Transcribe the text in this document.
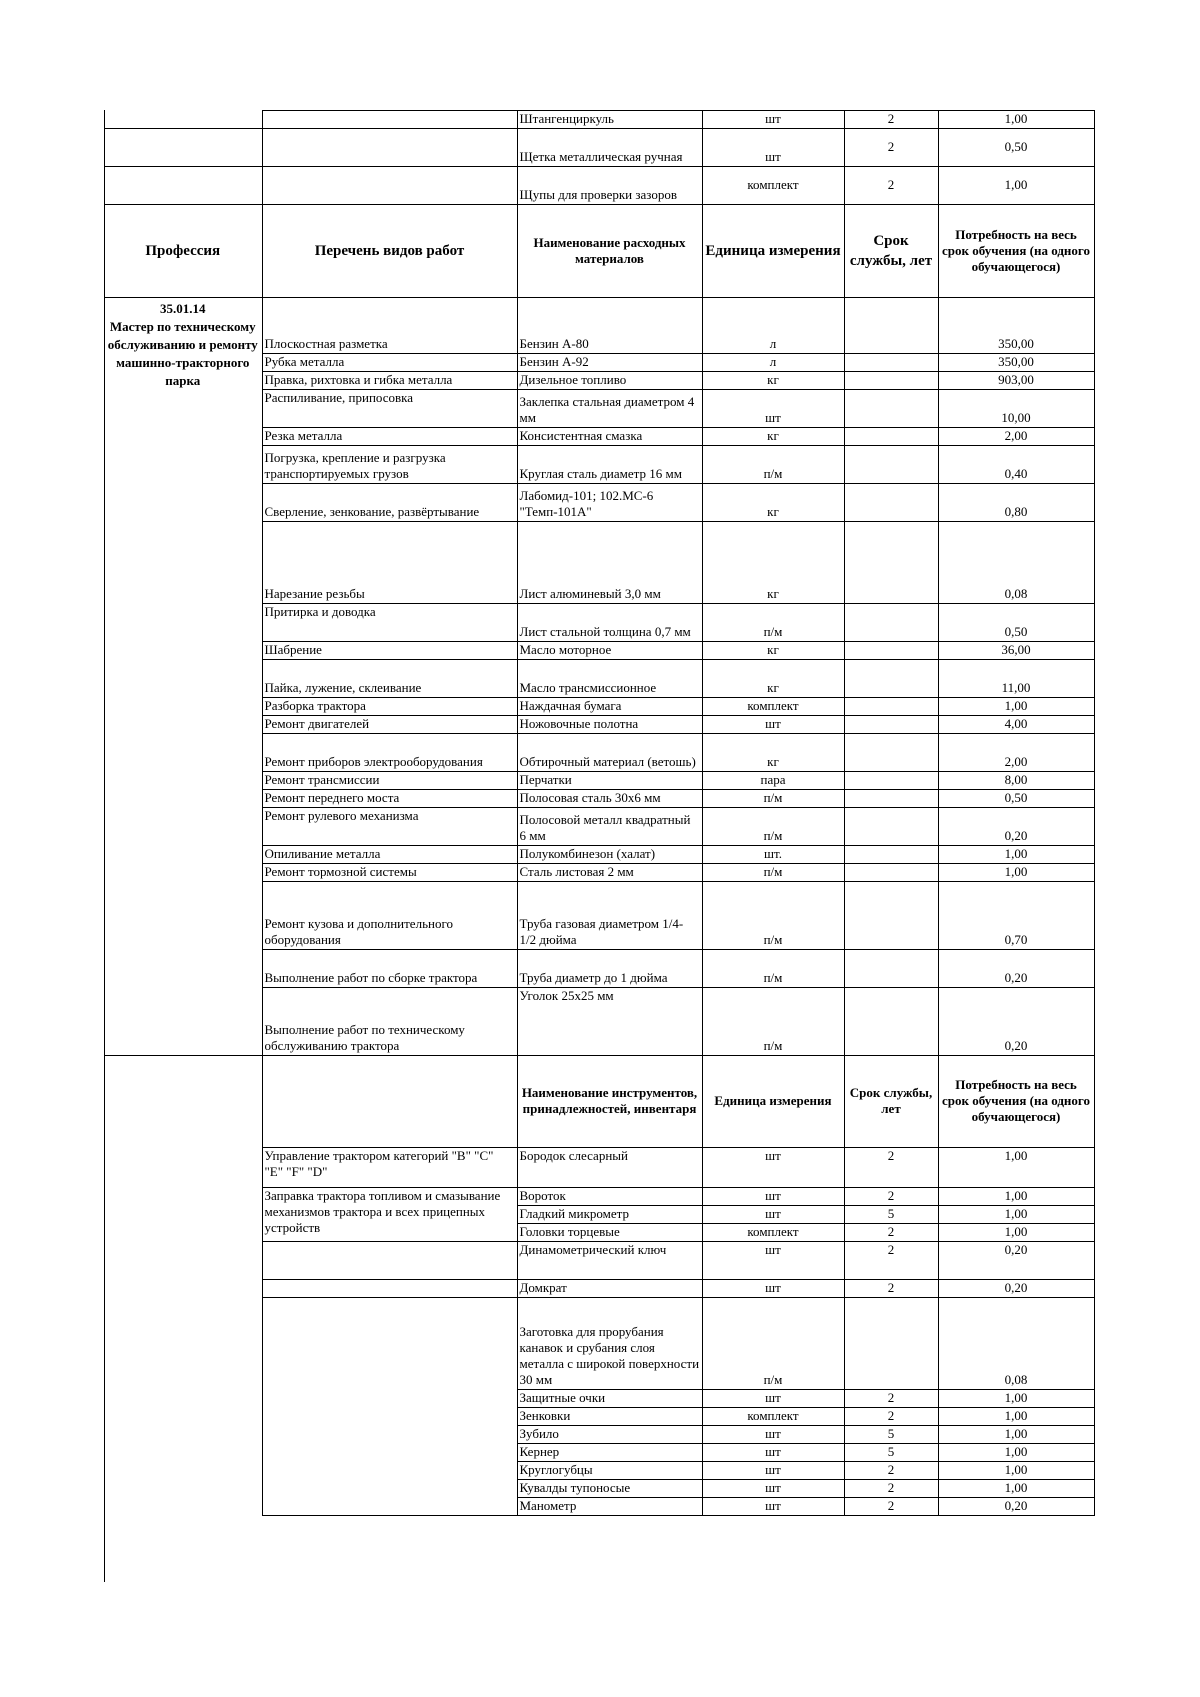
		Штангенциркуль	шт	2	1,00
		Щетка металлическая ручная	шт	2	0,50
		Щупы для проверки зазоров	комплект	2	1,00
Профессия	Перечень видов работ	Наименование расходных материалов	Единица измерения	Срок службы, лет	Потребность на весь срок обучения (на одного обучающегося)

35.01.14
Мастер по техническому обслуживанию и ремонту машинно-тракторного парка	Плоскостная разметка	Бензин А-80	л		350,00
	Рубка металла	Бензин А-92	л		350,00
	Правка, рихтовка и гибка металла	Дизельное топливо	кг		903,00
	Распиливание, припосовка	Заклепка стальная диаметром 4 мм	шт		10,00
	Резка металла	Консистентная смазка	кг		2,00
	Погрузка, крепление и разгрузка транспортируемых грузов	Круглая сталь диаметр 16 мм	п/м		0,40
	Сверление, зенкование, развёртывание	Лабомид-101; 102.МС-6 "Темп-101А"	кг		0,80
	Нарезание резьбы	Лист алюминевый 3,0 мм	кг		0,08
	Притирка и доводка	Лист стальной толщина 0,7 мм	п/м		0,50
	Шабрение	Масло моторное	кг		36,00
	Пайка, лужение, склеивание	Масло трансмиссионное	кг		11,00
	Разборка трактора	Наждачная бумага	комплект		1,00
	Ремонт двигателей	Ножовочные полотна	шт		4,00
	Ремонт приборов электрооборудования	Обтирочный материал (ветошь)	кг		2,00
	Ремонт трансмиссии	Перчатки	пара		8,00
	Ремонт переднего моста	Полосовая сталь 30х6 мм	п/м		0,50
	Ремонт рулевого механизма	Полосовой металл квадратный 6 мм	п/м		0,20
	Опиливание металла	Полукомбинезон (халат)	шт.		1,00
	Ремонт тормозной системы	Сталь листовая 2 мм	п/м		1,00
	Ремонт кузова и дополнительного оборудования	Труба газовая диаметром 1/4-1/2 дюйма	п/м		0,70
	Выполнение работ по сборке трактора	Труба диаметр до 1 дюйма	п/м		0,20
	Выполнение работ по техническому обслуживанию трактора	Уголок 25х25 мм	п/м		0,20
		Наименование инструментов, принадлежностей, инвентаря	Единица измерения	Срок службы, лет	Потребность на весь срок обучения (на одного обучающегося)
	Управление трактором категорий "В" "С" "Е" "F" "D"	Бородок слесарный	шт	2	1,00
	Заправка трактора топливом и смазывание механизмов трактора и всех прицепных устройств	Вороток	шт	2	1,00
		Гладкий микрометр	шт	5	1,00
		Головки торцевые	комплект	2	1,00
		Динамометрический ключ	шт	2	0,20
		Домкрат	шт	2	0,20
		Заготовка для прорубания канавок и срубания слоя металла с широкой поверхности 30 мм	п/м		0,08
		Защитные очки	шт	2	1,00
		Зенковки	комплект	2	1,00
		Зубило	шт	5	1,00
		Кернер	шт	5	1,00
		Круглогубцы	шт	2	1,00
		Кувалды тупоносые	шт	2	1,00
		Манометр	шт	2	0,20
